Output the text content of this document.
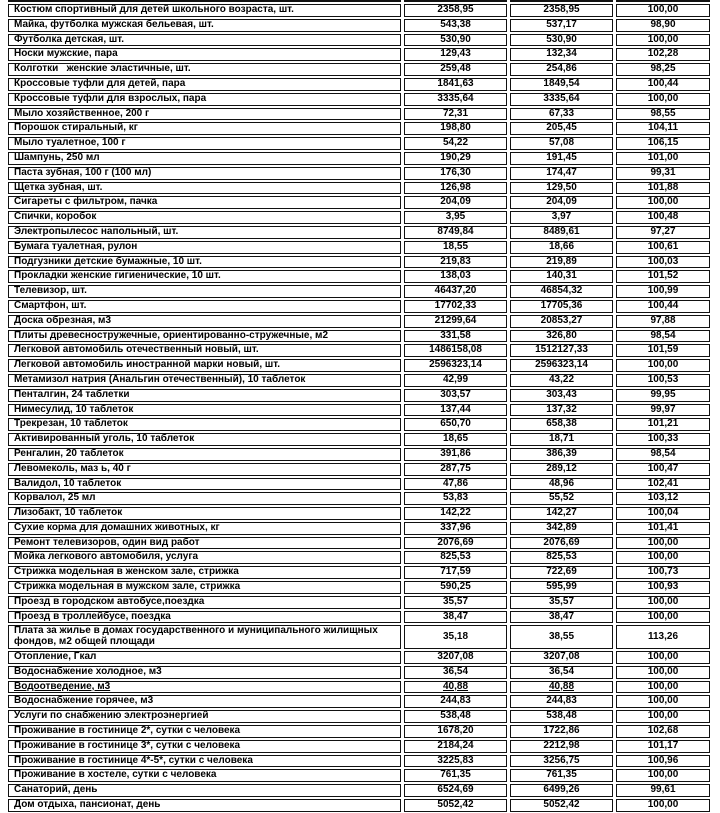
Костюм спортивный для детей школьного возраста, шт.	2358,95	2358,95	100,00
Майка, футболка мужская бельевая, шт.	543,38	537,17	98,90
Футболка детская, шт.	530,90	530,90	100,00
Носки мужские, пара	129,43	132,34	102,28
Колготки   женские эластичные, шт.	259,48	254,86	98,25
Кроссовые туфли для детей, пара	1841,63	1849,54	100,44
Кроссовые туфли для взрослых, пара	3335,64	3335,64	100,00
Мыло хозяйственное, 200 г	72,31	67,33	98,55
Порошок стиральный, кг	198,80	205,45	104,11
Мыло туалетное, 100 г	54,22	57,08	106,15
Шампунь, 250 мл	190,29	191,45	101,00
Паста зубная, 100 г (100 мл)	176,30	174,47	99,31
Щетка зубная, шт.	126,98	129,50	101,88
Сигареты с фильтром, пачка	204,09	204,09	100,00
Спички, коробок	3,95	3,97	100,48
Электропылесос напольный, шт.	8749,84	8489,61	97,27
Бумага туалетная, рулон	18,55	18,66	100,61
Подгузники детские бумажные, 10 шт.	219,83	219,89	100,03
Прокладки женские гигиенические, 10 шт.	138,03	140,31	101,52
Телевизор, шт.	46437,20	46854,32	100,99
Смартфон, шт.	17702,33	17705,36	100,44
Доска обрезная, м3	21299,64	20853,27	97,88
Плиты древесностружечные, ориентированно-стружечные, м2	331,58	326,80	98,54
Легковой автомобиль отечественный новый, шт.	1486158,08	1512127,33	101,59
Легковой автомобиль иностранной марки новый, шт.	2596323,14	2596323,14	100,00
Метамизол натрия (Анальгин отечественный), 10 таблеток	42,99	43,22	100,53
Пенталгин, 24 таблетки	303,57	303,43	99,95
Нимесулид, 10 таблеток	137,44	137,32	99,97
Трекрезан, 10 таблеток	650,70	658,38	101,21
Активированный уголь, 10 таблеток	18,65	18,71	100,33
Ренгалин, 20 таблеток	391,86	386,39	98,54
Левомеколь, маз ь, 40 г	287,75	289,12	100,47
Валидол, 10 таблеток	47,86	48,96	102,41
Корвалол, 25 мл	53,83	55,52	103,12
Лизобакт, 10 таблеток	142,22	142,27	100,04
Сухие корма для домашних животных, кг	337,96	342,89	101,41
Ремонт телевизоров, один вид работ	2076,69	2076,69	100,00
Мойка легкового автомобиля, услуга	825,53	825,53	100,00
Стрижка модельная в женском зале, стрижка	717,59	722,69	100,73
Стрижка модельная в мужском зале, стрижка	590,25	595,99	100,93
Проезд в городском автобусе,поездка	35,57	35,57	100,00
Проезд в троллейбусе, поездка	38,47	38,47	100,00
Плата за жилье в домах государственного и муниципального жилищных фондов, м2 общей площади	35,18	38,55	113,26
Отопление, Гкал	3207,08	3207,08	100,00
Водоснабжение холодное, м3	36,54	36,54	100,00
Водоотведение, м3	40,88	40,88	100,00
Водоснабжение горячее, м3	244,83	244,83	100,00
Услуги по снабжению электроэнергией	538,48	538,48	100,00
Проживание в гостинице 2*, сутки с человека	1678,20	1722,86	102,68
Проживание в гостинице 3*, сутки с человека	2184,24	2212,98	101,17
Проживание в гостинице 4*-5*, сутки с человека	3225,83	3256,75	100,96
Проживание в хостеле, сутки с человека	761,35	761,35	100,00
Санаторий, день	6524,69	6499,26	99,61
Дом отдыха, пансионат, день	5052,42	5052,42	100,00
